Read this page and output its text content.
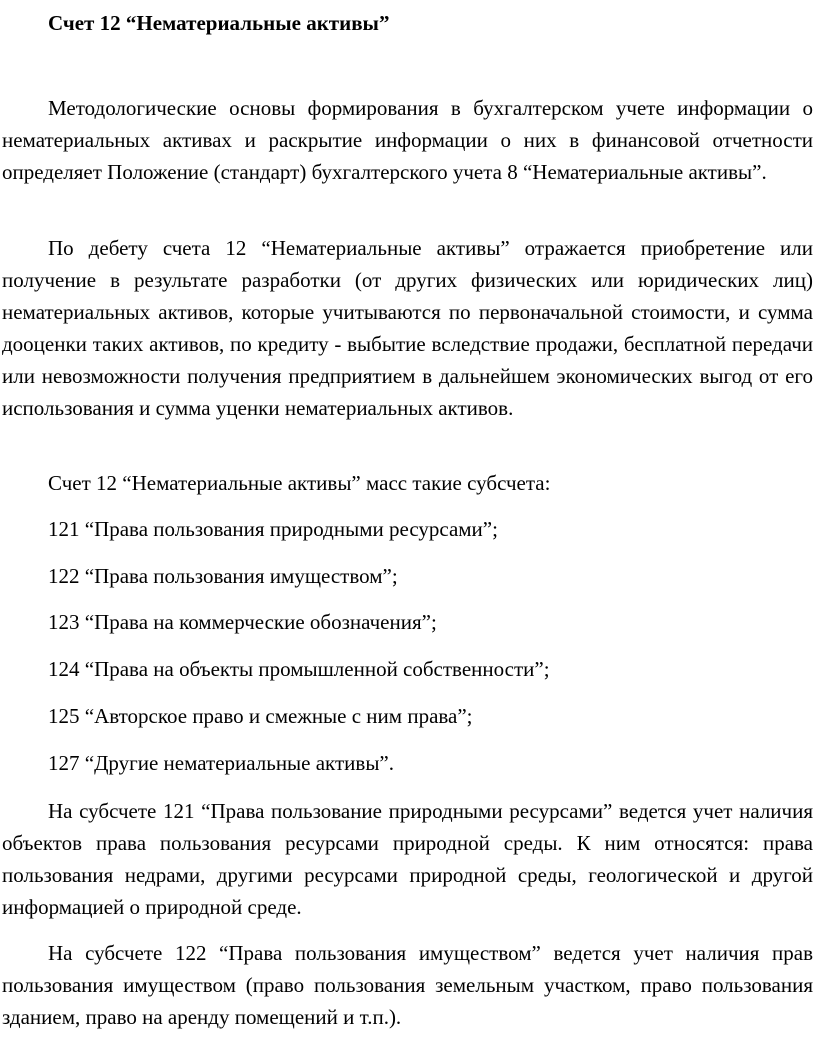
Счет 12 “Нематериальные активы”

Методологические основы формирования в бухгалтерском учете информации о нематериальных активах и раскрытие информации о них в финансовой отчетности определяет Положение (стандарт) бухгалтерского учета 8 “Нематериальные активы”.

По дебету счета 12 “Нематериальные активы” отражается приобретение или получение в результате разработки (от других физических или юридических лиц) нематериальных активов, которые учитываются по первоначальной стоимости, и сумма дооценки таких активов, по кредиту - выбытие вследствие продажи, бесплатной передачи или невозможности получения предприятием в дальнейшем экономических выгод от его использования и сумма уценки нематериальных активов.

Счет 12 “Нематериальные активы” масс такие субсчета:

121 “Права пользования природными ресурсами”;

122 “Права пользования имуществом”;

123 “Права на коммерческие обозначения”;

124 “Права на объекты промышленной собственности”;

125 “Авторское право и смежные с ним права”;

127 “Другие нематериальные активы”.

На субсчете 121 “Права пользование природными ресурсами” ведется учет наличия объектов права пользования ресурсами природной среды. К ним относятся: права пользования недрами, другими ресурсами природной среды, геологической и другой информацией о природной среде.

На субсчете 122 “Права пользования имуществом” ведется учет наличия прав пользования имуществом (право пользования земельным участком, право пользования зданием, право на аренду помещений и т.п.).
